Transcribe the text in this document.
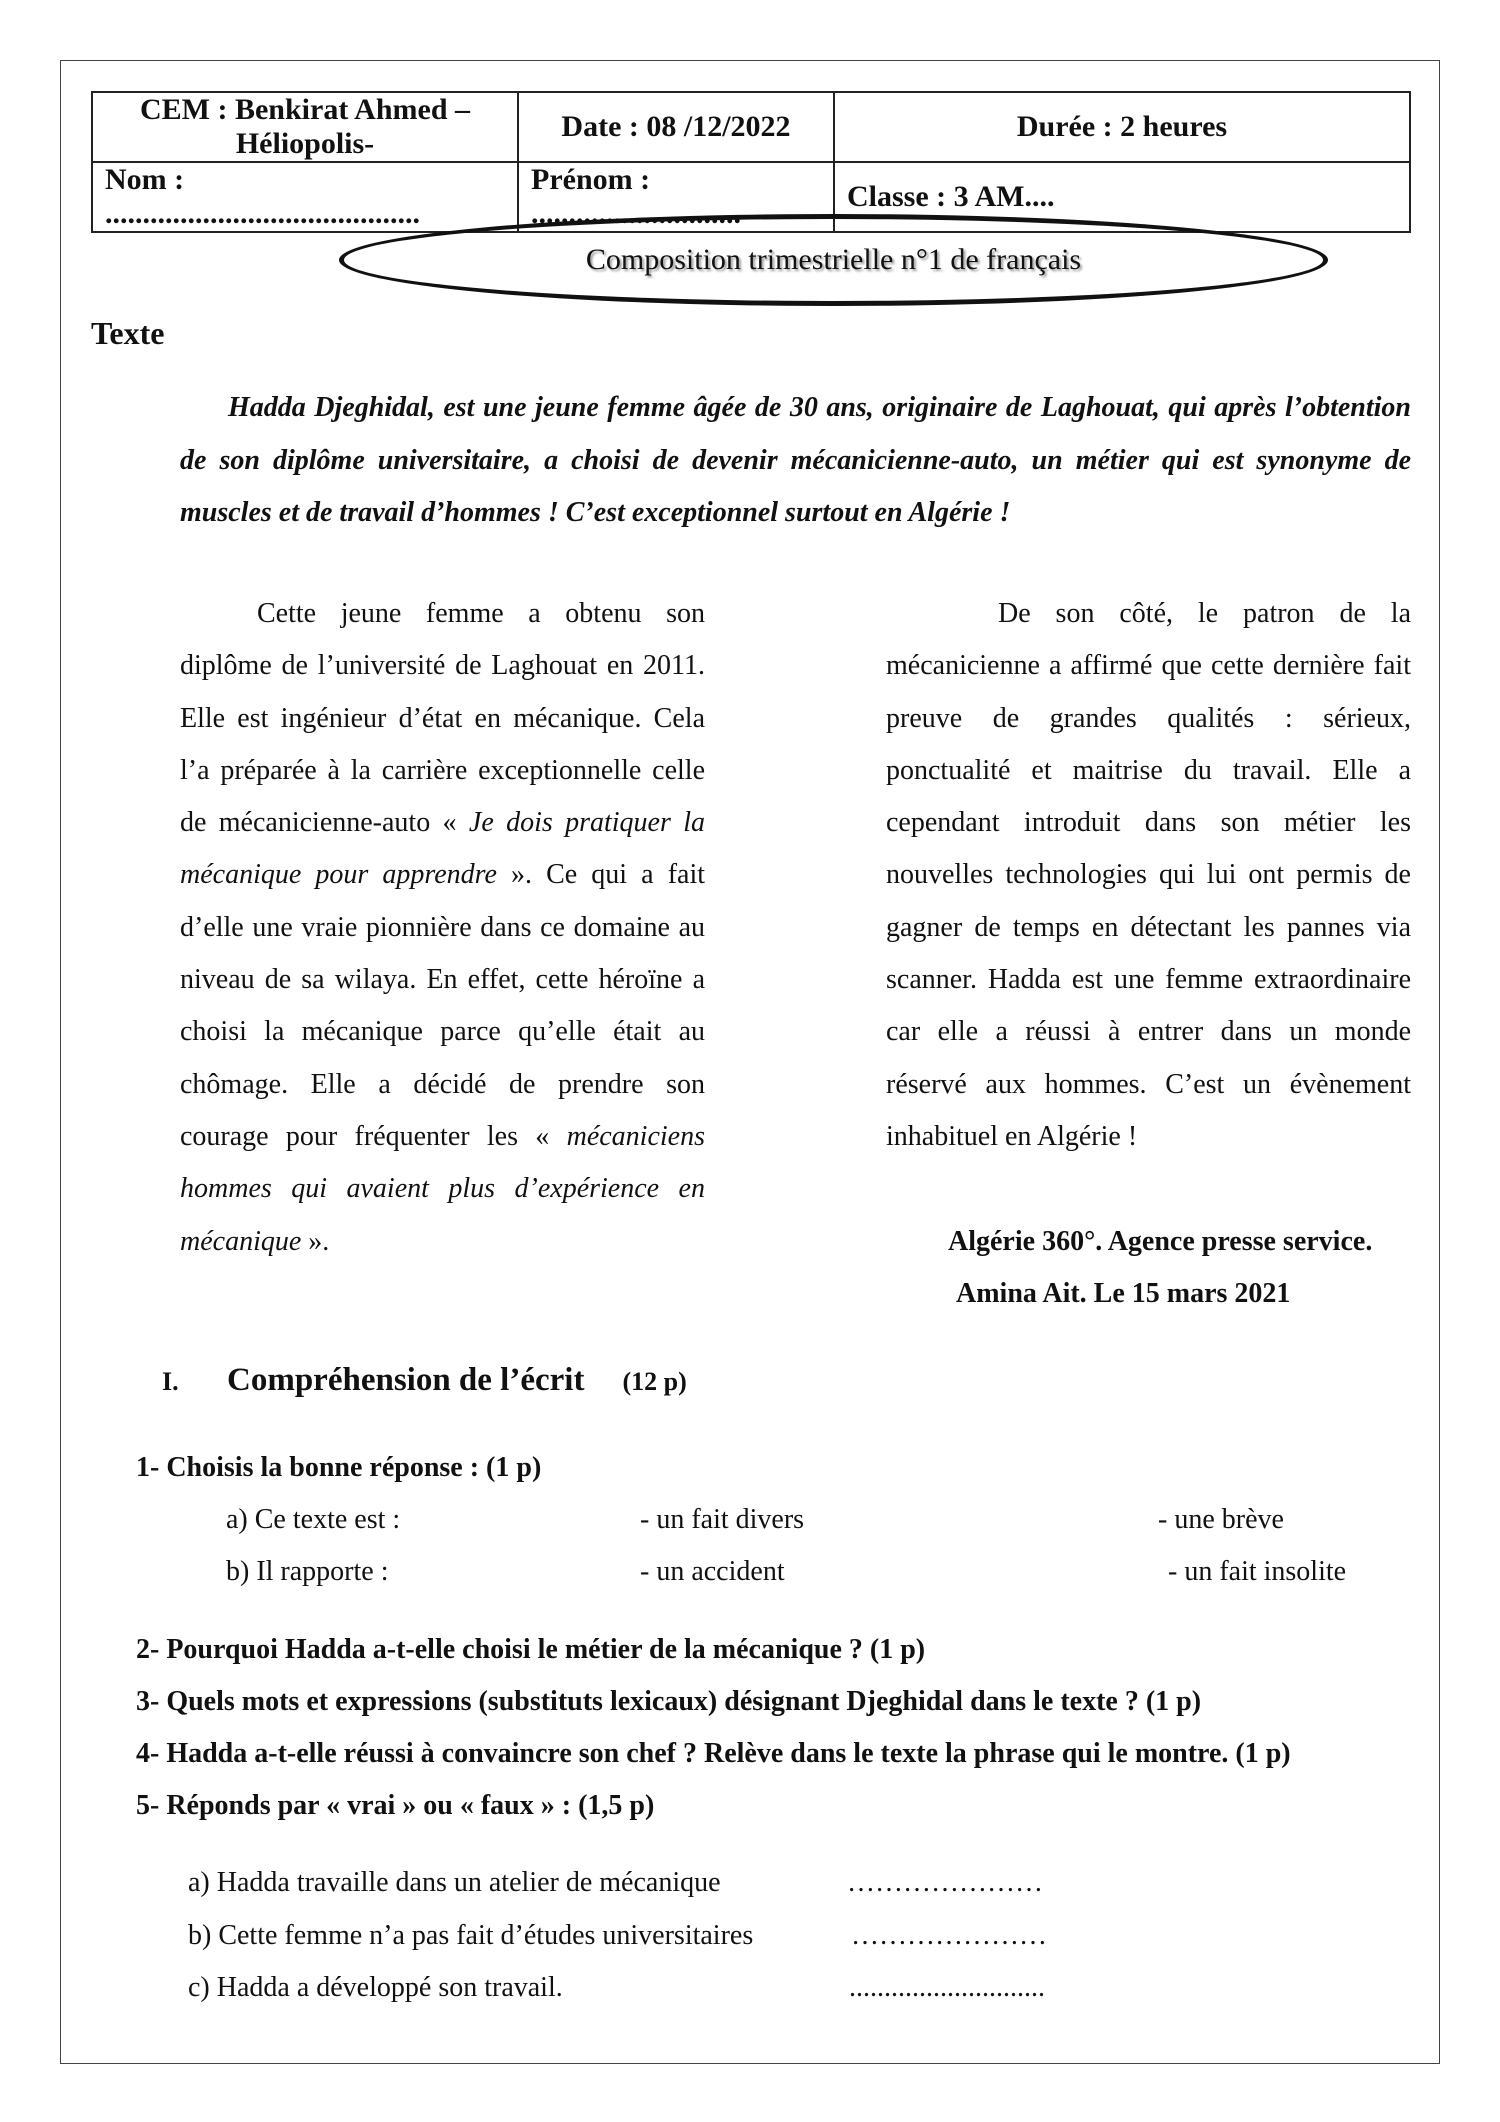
CEM : Benkirat Ahmed –Héliopolis-	Date : 08 /12/2022	Durée : 2 heures
Nom : ..........................................	Prénom : ............................	Classe : 3 AM....
Composition trimestrielle n°1 de français
Texte
Hadda Djeghidal, est une jeune femme âgée de 30 ans, originaire de Laghouat, qui après l’obtention de son diplôme universitaire, a choisi de devenir mécanicienne-auto, un métier qui est synonyme de muscles et de travail d’hommes ! C’est exceptionnel surtout en Algérie !
Cette jeune femme a obtenu son diplôme de l’université de Laghouat en 2011. Elle est ingénieur d’état en mécanique. Cela l’a préparée à la carrière exceptionnelle celle de mécanicienne-auto « Je dois pratiquer la mécanique pour apprendre ». Ce qui a fait d’elle une vraie pionnière dans ce domaine au niveau de sa wilaya. En effet, cette héroïne a choisi la mécanique parce qu’elle était au chômage. Elle a décidé de prendre son courage pour fréquenter les « mécaniciens hommes qui avaient plus d’expérience en mécanique ».
De son côté, le patron de la mécanicienne a affirmé que cette dernière fait preuve de grandes qualités : sérieux, ponctualité et maitrise du travail. Elle a cependant introduit dans son métier les nouvelles technologies qui lui ont permis de gagner de temps en détectant les pannes via scanner. Hadda est une femme extraordinaire car elle a réussi à entrer dans un monde réservé aux hommes. C’est un évènement inhabituel en Algérie !
Algérie 360°. Agence presse service.
Amina Ait. Le 15 mars 2021
I. Compréhension de l’écrit (12 p)
1- Choisis la bonne réponse : (1 p)
a) Ce texte est :	- un fait divers	- une brève
b) Il rapporte :	- un accident	- un fait insolite
2- Pourquoi Hadda a-t-elle choisi le métier de la mécanique ? (1 p)
3- Quels mots et expressions (substituts lexicaux) désignant Djeghidal dans le texte ? (1 p)
4- Hadda a-t-elle réussi à convaincre son chef ? Relève dans le texte la phrase qui le montre. (1 p)
5- Réponds par « vrai » ou « faux » : (1,5 p)
a) Hadda travaille dans un atelier de mécanique	…………………
b) Cette femme n’a pas fait d’études universitaires	…………………
c) Hadda a développé son travail.	............................
